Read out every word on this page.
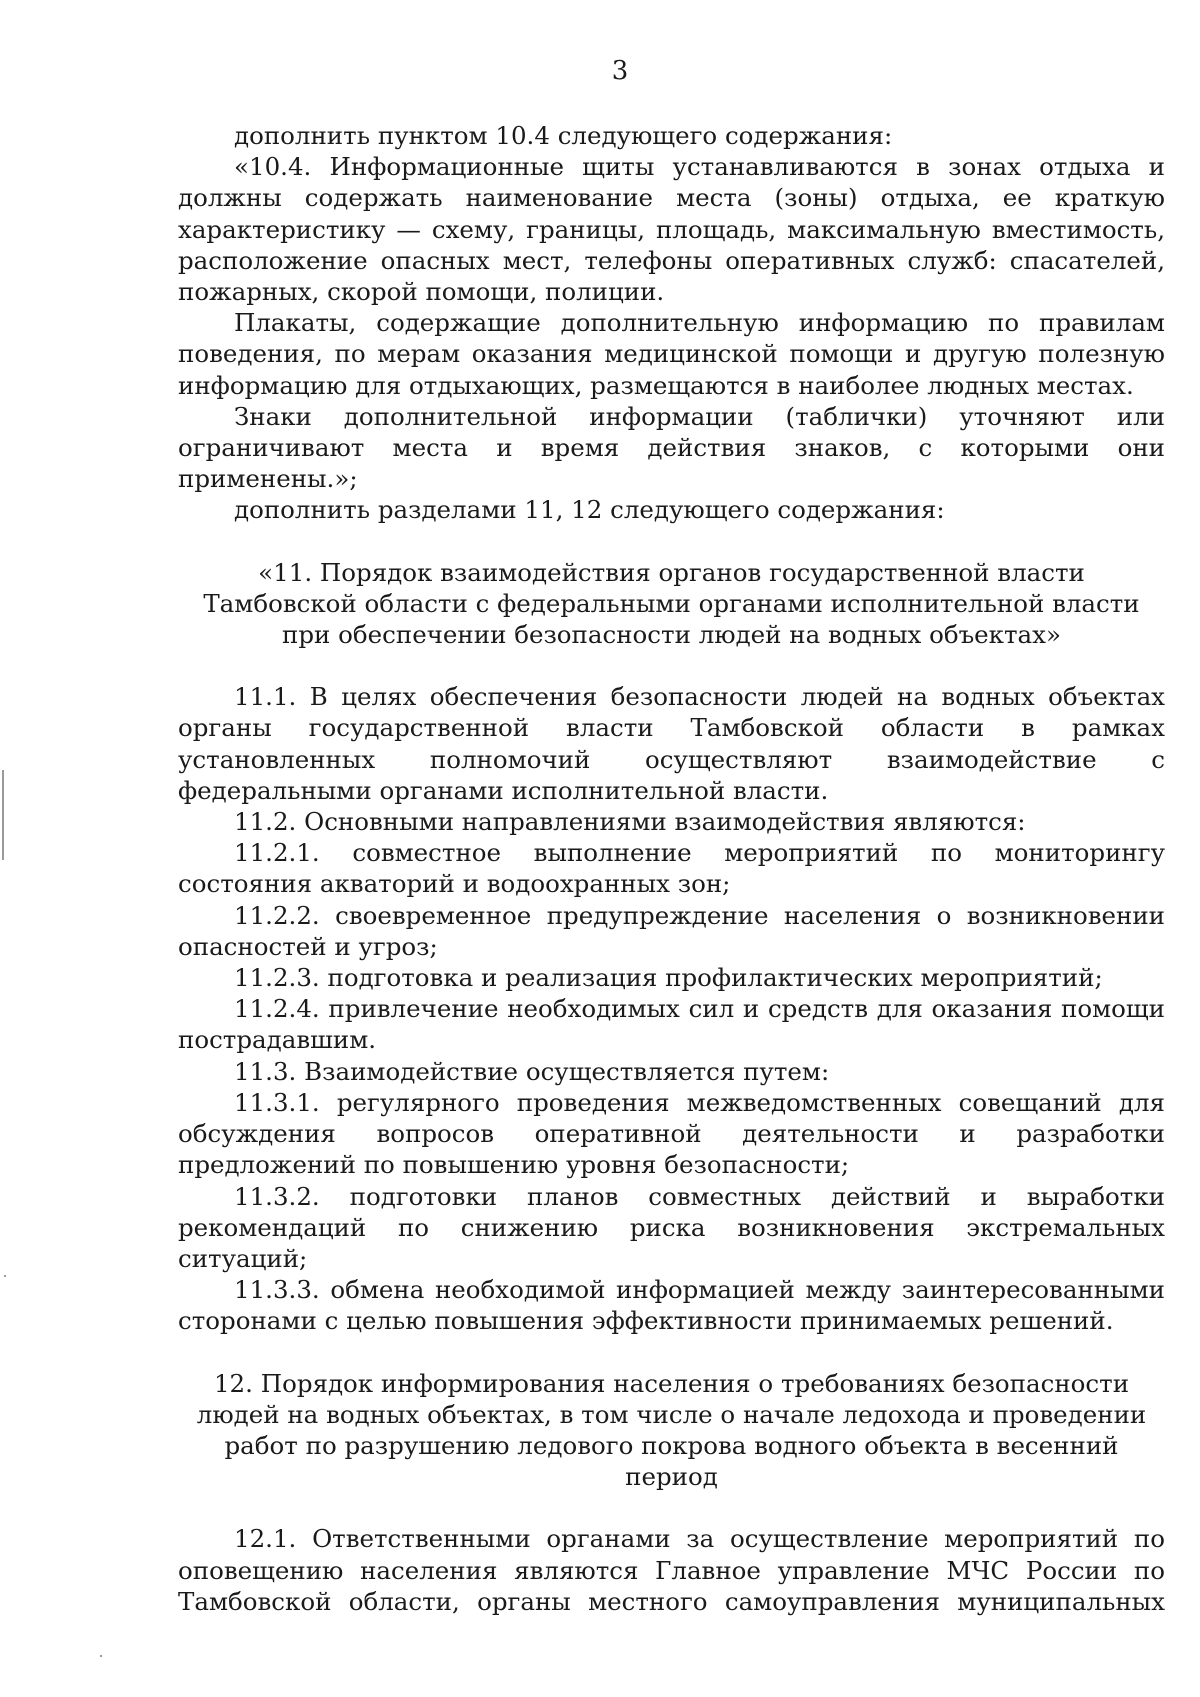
3

дополнить пунктом 10.4 следующего содержания:

«10.4. Информационные щиты устанавливаются в зонах отдыха и должны содержать наименование места (зоны) отдыха, ее краткую характеристику — схему, границы, площадь, максимальную вместимость, расположение опасных мест, телефоны оперативных служб: спасателей, пожарных, скорой помощи, полиции.

Плакаты, содержащие дополнительную информацию по правилам поведения, по мерам оказания медицинской помощи и другую полезную информацию для отдыхающих, размещаются в наиболее людных местах.

Знаки дополнительной информации (таблички) уточняют или ограничивают места и время действия знаков, с которыми они применены.»;

дополнить разделами 11, 12 следующего содержания:

«11. Порядок взаимодействия органов государственной власти Тамбовской области с федеральными органами исполнительной власти при обеспечении безопасности людей на водных объектах»

11.1. В целях обеспечения безопасности людей на водных объектах органы государственной власти Тамбовской области в рамках установленных полномочий осуществляют взаимодействие с федеральными органами исполнительной власти.

11.2. Основными направлениями взаимодействия являются:

11.2.1. совместное выполнение мероприятий по мониторингу состояния акваторий и водоохранных зон;

11.2.2. своевременное предупреждение населения о возникновении опасностей и угроз;

11.2.3. подготовка и реализация профилактических мероприятий;

11.2.4. привлечение необходимых сил и средств для оказания помощи пострадавшим.

11.3. Взаимодействие осуществляется путем:

11.3.1. регулярного проведения межведомственных совещаний для обсуждения вопросов оперативной деятельности и разработки предложений по повышению уровня безопасности;

11.3.2. подготовки планов совместных действий и выработки рекомендаций по снижению риска возникновения экстремальных ситуаций;

11.3.3. обмена необходимой информацией между заинтересованными сторонами с целью повышения эффективности принимаемых решений.

12. Порядок информирования населения о требованиях безопасности людей на водных объектах, в том числе о начале ледохода и проведении работ по разрушению ледового покрова водного объекта в весенний период

12.1. Ответственными органами за осуществление мероприятий по оповещению населения являются Главное управление МЧС России по Тамбовской области, органы местного самоуправления муниципальных
